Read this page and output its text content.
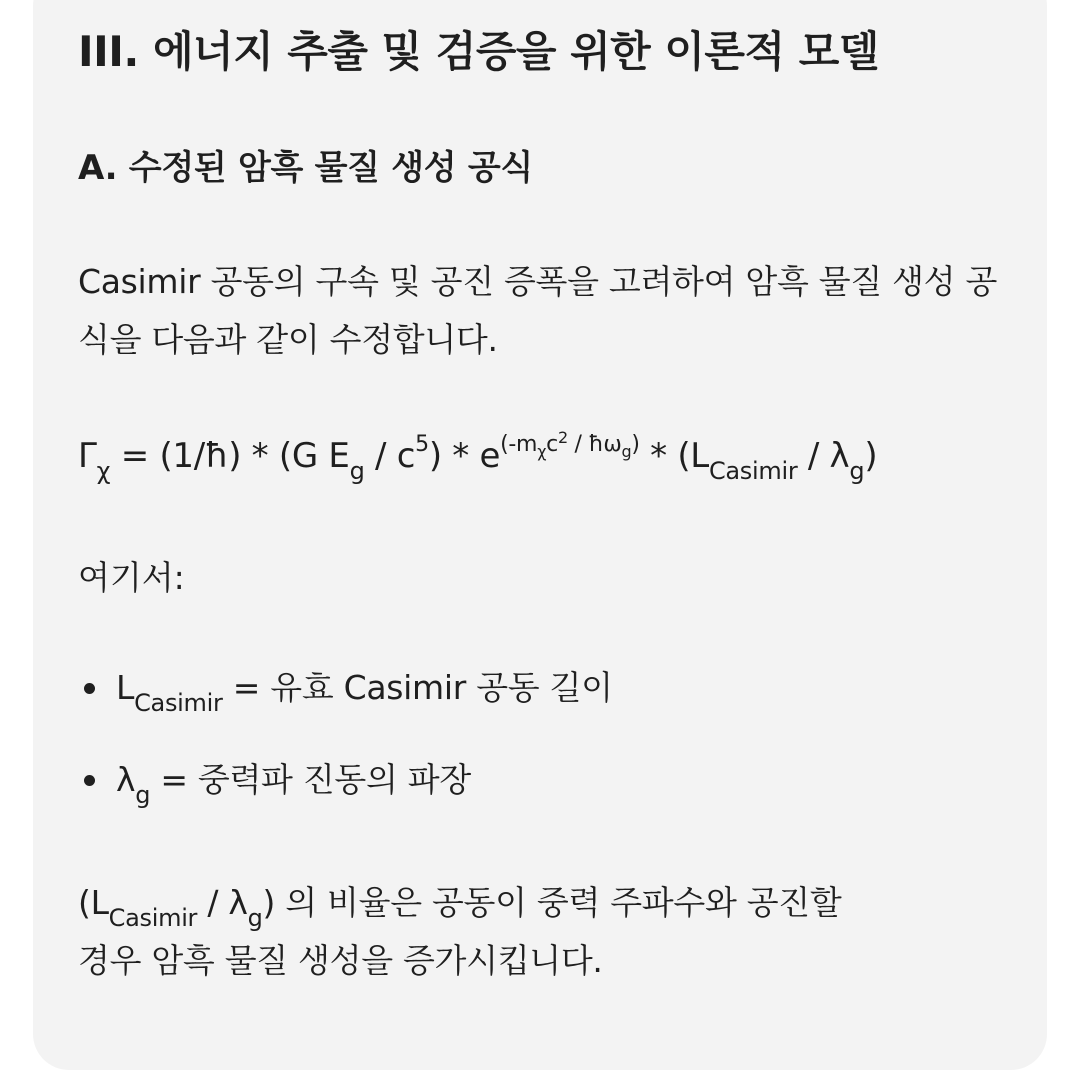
III. 에너지 추출 및 검증을 위한 이론적 모델
A. 수정된 암흑 물질 생성 공식
Casimir 공동의 구속 및 공진 증폭을 고려하여 암흑 물질 생성 공식을 다음과 같이 수정합니다.
$\Gamma_\chi$ = (1/ħ) * (G $E_g / c^5) * e^{(-m_\chi c^2 / ħ\omega_g)} * (L_{Casimir} / \lambda_g)$
여기서:
$L_{Casimir}$ = 유효 Casimir 공동 길이
$\lambda_g$ = 중력파 진동의 파장
$(L_{Casimir} / \lambda_g)$ 의 비율은 공동이 중력 주파수와 공진할
경우 암흑 물질 생성을 증가시킵니다.
